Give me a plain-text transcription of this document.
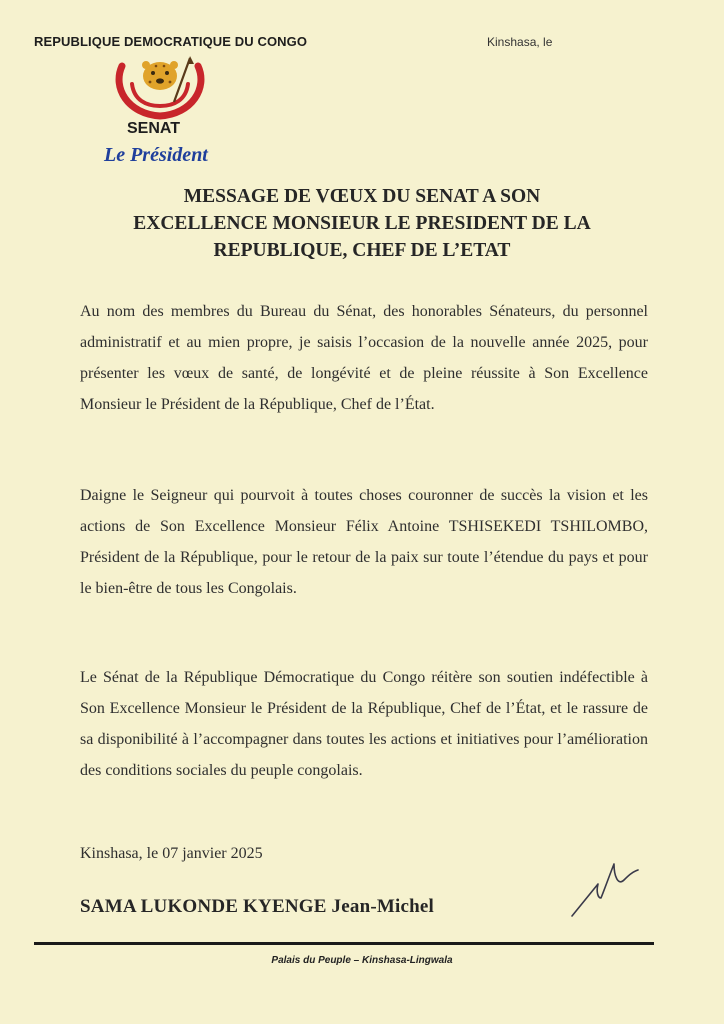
REPUBLIQUE DEMOCRATIQUE DU CONGO	Kinshasa, le
SENAT
Le Président
MESSAGE DE VŒUX DU SENAT A SON
EXCELLENCE MONSIEUR LE PRESIDENT DE LA
REPUBLIQUE, CHEF DE L’ETAT

Au nom des membres du Bureau du Sénat, des honorables Sénateurs, du personnel administratif et au mien propre, je saisis l’occasion de la nouvelle année 2025, pour présenter les vœux de santé, de longévité et de pleine réussite à Son Excellence Monsieur le Président de la République, Chef de l’État.

Daigne le Seigneur qui pourvoit à toutes choses couronner de succès la vision et les actions de Son Excellence Monsieur Félix Antoine TSHISEKEDI TSHILOMBO, Président de la République, pour le retour de la paix sur toute l’étendue du pays et pour le bien-être de tous les Congolais.

Le Sénat de la République Démocratique du Congo réitère son soutien indéfectible à Son Excellence Monsieur le Président de la République, Chef de l’État, et le rassure de sa disponibilité à l’accompagner dans toutes les actions et initiatives pour l’amélioration des conditions sociales du peuple congolais.

Kinshasa, le 07 janvier 2025
SAMA LUKONDE KYENGE Jean-Michel
Palais du Peuple – Kinshasa-Lingwala
